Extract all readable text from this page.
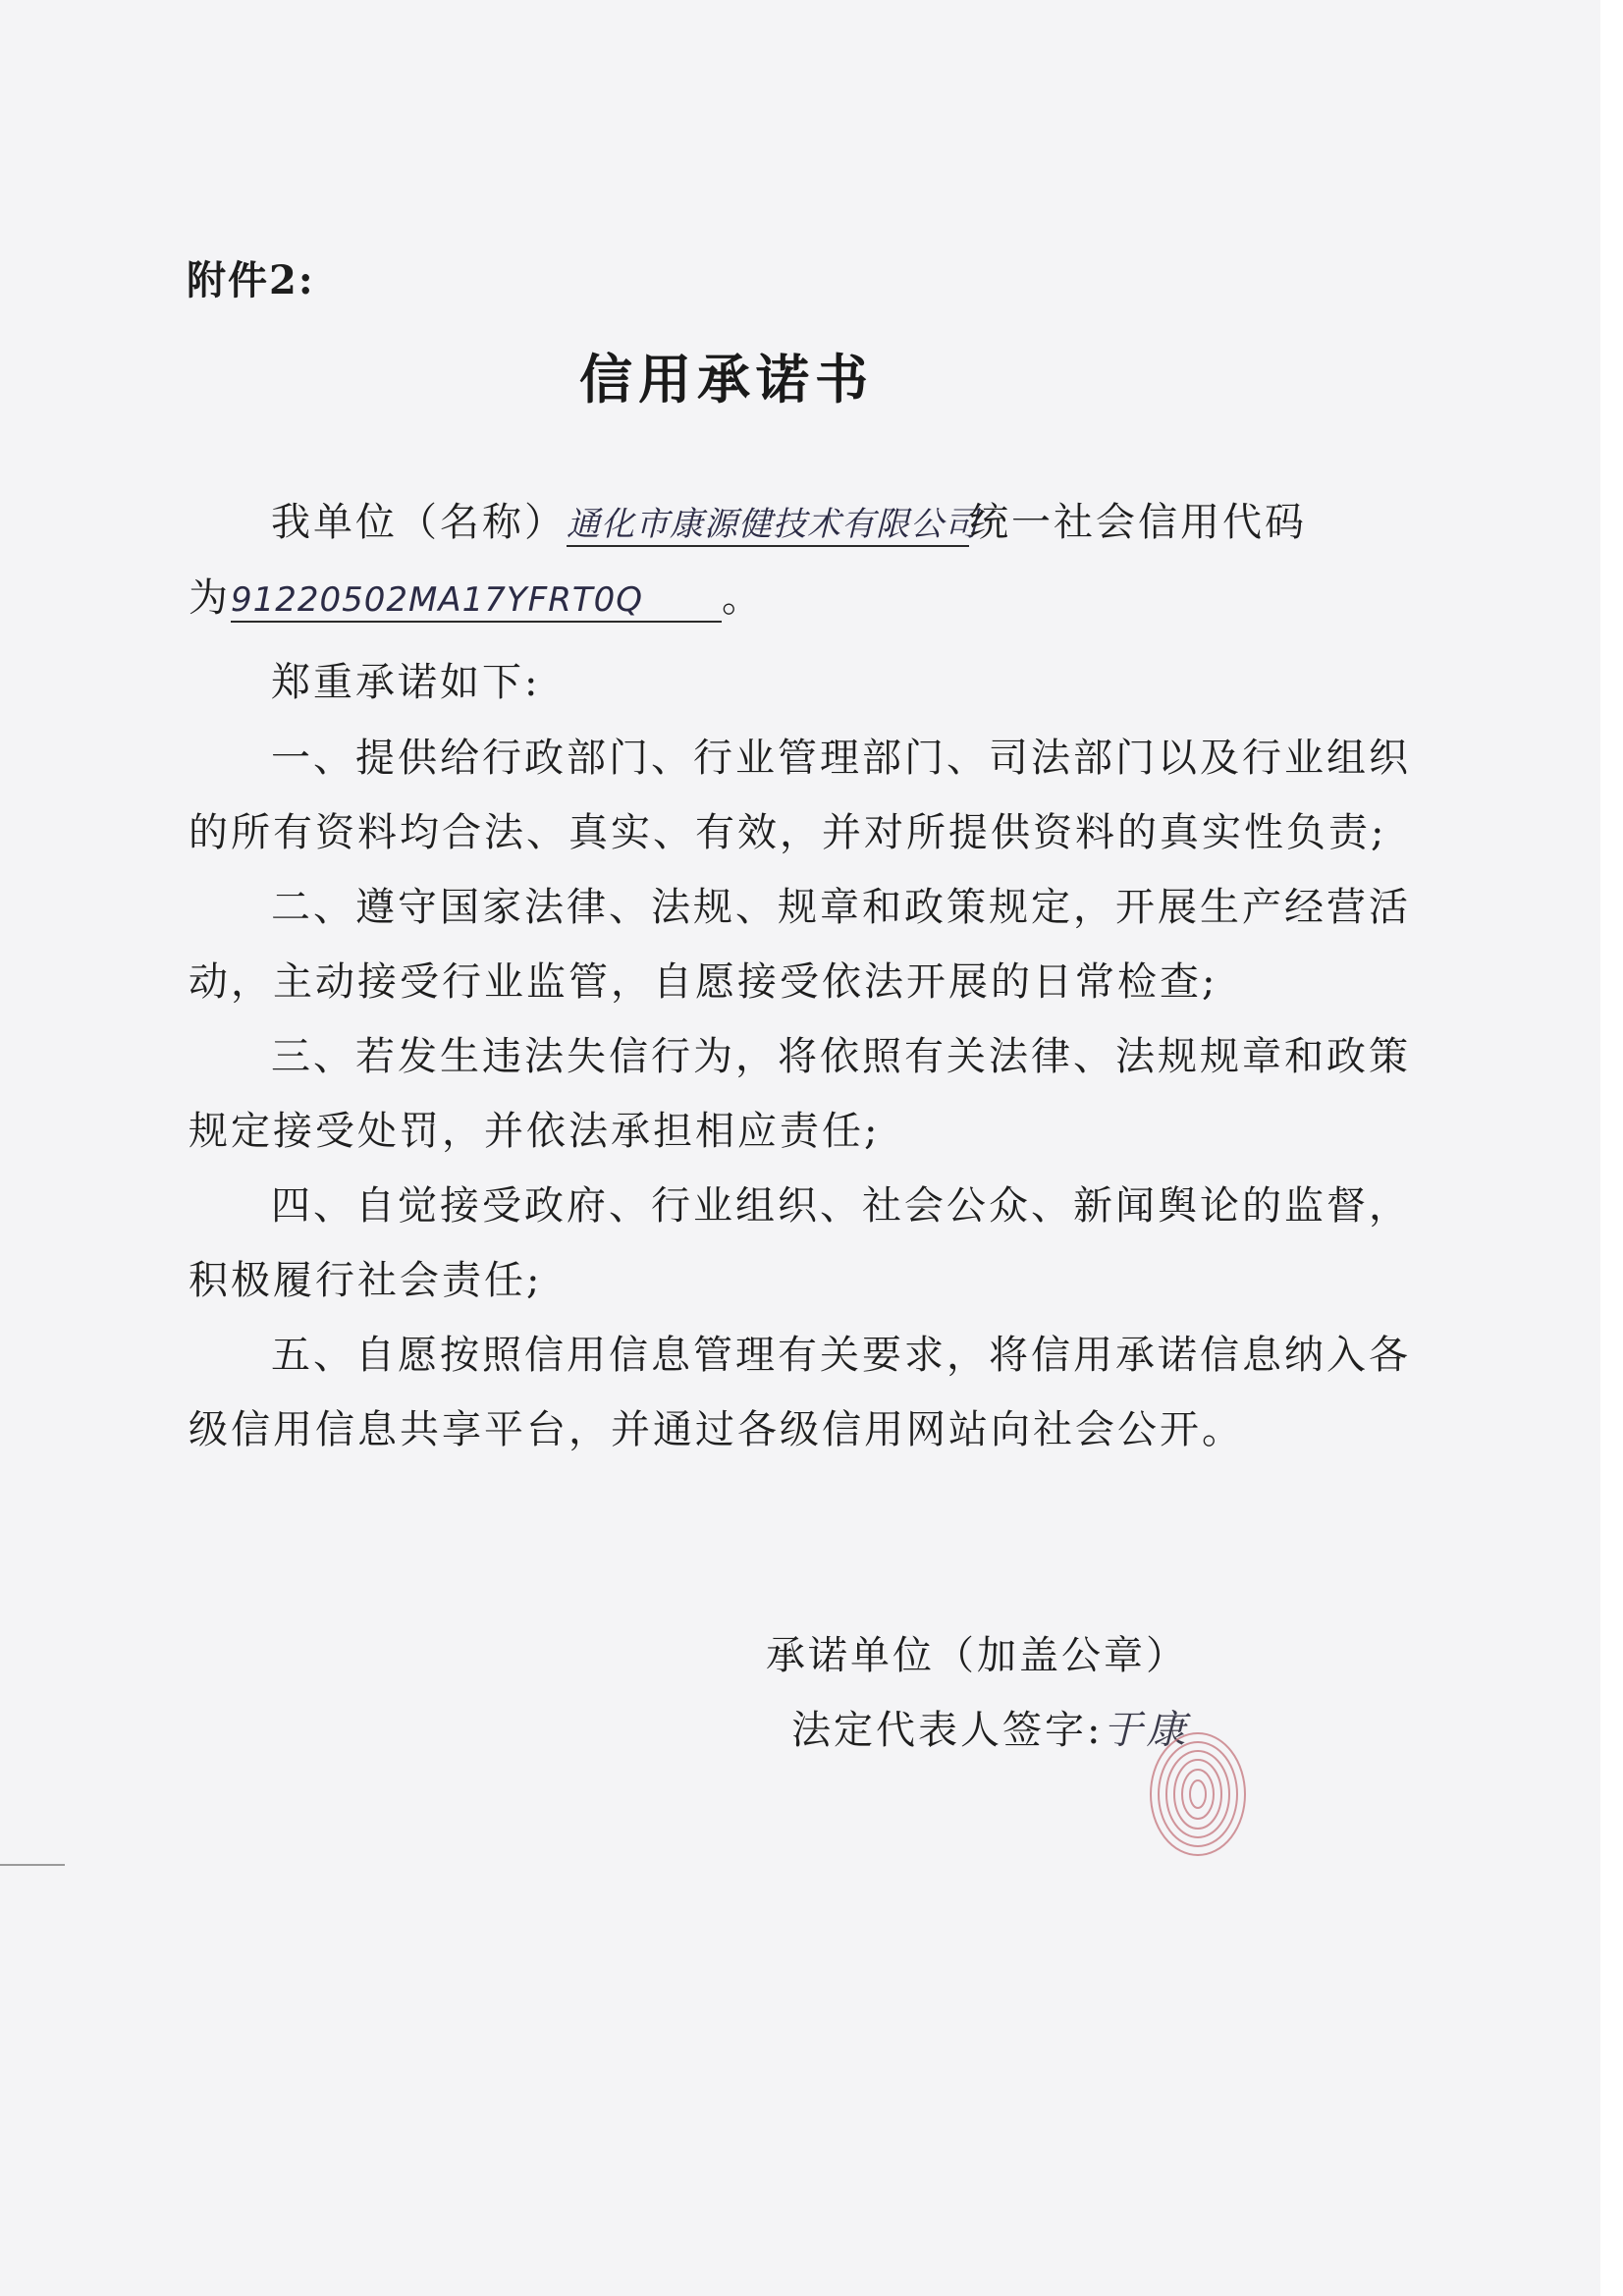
附件2:
信用承诺书
我单位（名称）通化市康源健技术有限公司统一社会信用代码
为91220502MA17YFRT0Q 。
郑重承诺如下:
一、提供给行政部门、行业管理部门、司法部门以及行业组织
的所有资料均合法、真实、有效，并对所提供资料的真实性负责;
二、遵守国家法律、法规、规章和政策规定，开展生产经营活
动，主动接受行业监管，自愿接受依法开展的日常检查;
三、若发生违法失信行为，将依照有关法律、法规规章和政策
规定接受处罚，并依法承担相应责任;
四、自觉接受政府、行业组织、社会公众、新闻舆论的监督，
积极履行社会责任;
五、自愿按照信用信息管理有关要求，将信用承诺信息纳入各
级信用信息共享平台，并通过各级信用网站向社会公开。
承诺单位（加盖公章）
法定代表人签字:于康
